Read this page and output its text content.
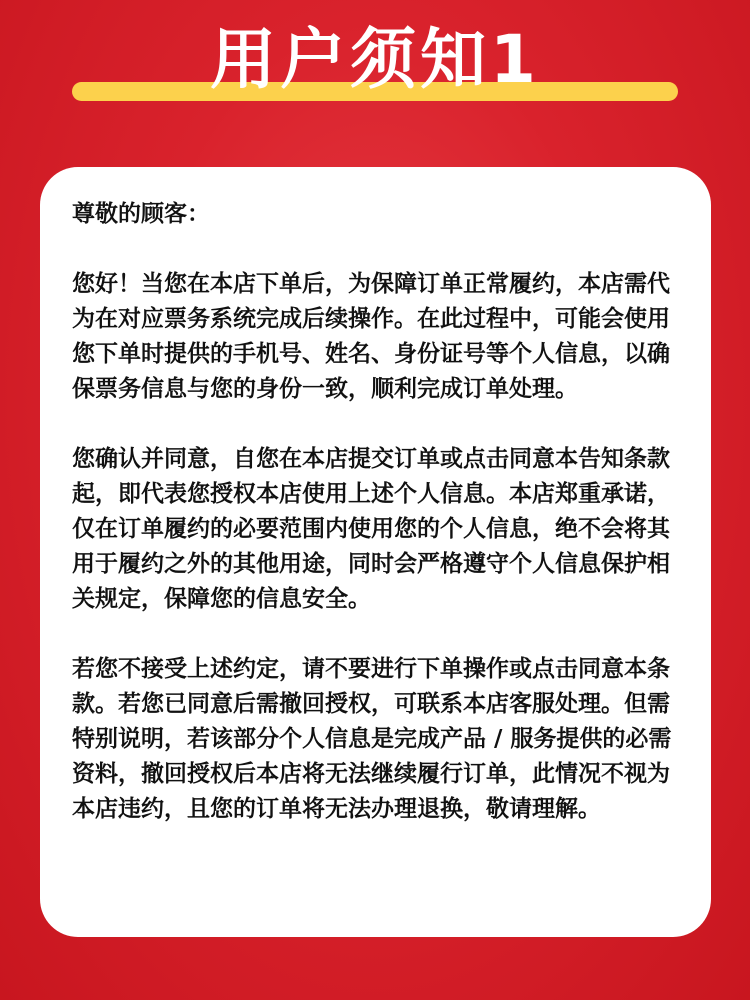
用户须知1

尊敬的顾客：

您好！当您在本店下单后，为保障订单正常履约，本店需代为在对应票务系统完成后续操作。在此过程中，可能会使用您下单时提供的手机号、姓名、身份证号等个人信息，以确保票务信息与您的身份一致，顺利完成订单处理。

您确认并同意，自您在本店提交订单或点击同意本告知条款起，即代表您授权本店使用上述个人信息。本店郑重承诺，仅在订单履约的必要范围内使用您的个人信息，绝不会将其用于履约之外的其他用途，同时会严格遵守个人信息保护相关规定，保障您的信息安全。

若您不接受上述约定，请不要进行下单操作或点击同意本条款。若您已同意后需撤回授权，可联系本店客服处理。但需特别说明，若该部分个人信息是完成产品 / 服务提供的必需资料，撤回授权后本店将无法继续履行订单，此情况不视为本店违约，且您的订单将无法办理退换，敬请理解。
